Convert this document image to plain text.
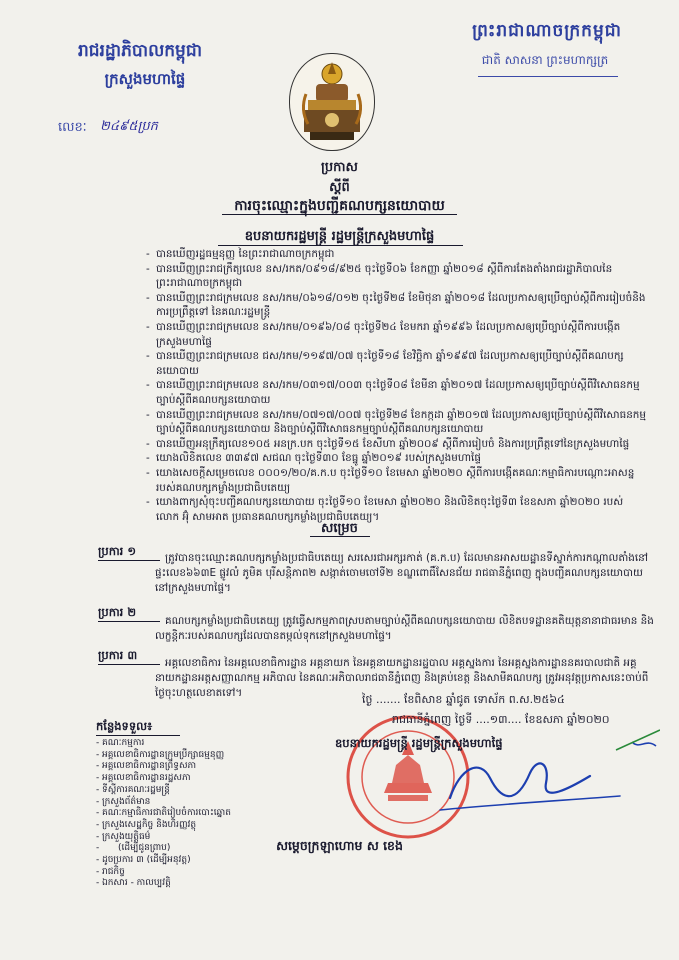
ព្រះរាជាណាចក្រកម្ពុជា
ជាតិ សាសនា ព្រះមហាក្សត្រ
រាជរដ្ឋាភិបាលកម្ពុជា
ក្រសួងមហាផ្ទៃ
លេខៈ ២៤៩៥ប្រក
ប្រកាស
ស្តីពី
ការចុះឈ្មោះក្នុងបញ្ជីគណបក្សនយោបាយ
ឧបនាយករដ្ឋមន្ត្រី រដ្ឋមន្ត្រីក្រសួងមហាផ្ទៃ
- បានឃើញរដ្ឋធម្មនុញ្ញ នៃព្រះរាជាណាចក្រកម្ពុជា
- បានឃើញព្រះរាជក្រឹត្យលេខ នស/រកត/០៩១៨/៩២៥ ចុះថ្ងៃទី០៦ ខែកញ្ញា ឆ្នាំ២០១៨ ស្តីពីការតែងតាំងរាជរដ្ឋាភិបាលនៃព្រះរាជាណាចក្រកម្ពុជា
- បានឃើញព្រះរាជក្រមលេខ នស/រកម/០៦១៨/០១២ ចុះថ្ងៃទី២៨ ខែមិថុនា ឆ្នាំ២០១៨ ដែលប្រកាសឲ្យប្រើច្បាប់ស្តីពីការរៀបចំនិងការប្រព្រឹត្តទៅ នៃគណៈរដ្ឋមន្ត្រី
- បានឃើញព្រះរាជក្រមលេខ នស/រកម/០១៩៦/០៨ ចុះថ្ងៃទី២៤ ខែមករា ឆ្នាំ១៩៩៦ ដែលប្រកាសឲ្យប្រើច្បាប់ស្តីពីការបង្កើតក្រសួងមហាផ្ទៃ
- បានឃើញព្រះរាជក្រមលេខ ជស/រកម/១១៩៧/០៧ ចុះថ្ងៃទី១៨ ខែវិច្ឆិកា ឆ្នាំ១៩៩៧ ដែលប្រកាសឲ្យប្រើច្បាប់ស្តីពីគណបក្សនយោបាយ
- បានឃើញព្រះរាជក្រមលេខ នស/រកម/០៣១៧/០០៣ ចុះថ្ងៃទី០៨ ខែមីនា ឆ្នាំ២០១៧ ដែលប្រកាសឲ្យប្រើច្បាប់ស្តីពីវិសោធនកម្មច្បាប់ស្តីពីគណបក្សនយោបាយ
- បានឃើញព្រះរាជក្រមលេខ នស/រកម/០៧១៧/០០៧ ចុះថ្ងៃទី២៨ ខែកក្កដា ឆ្នាំ២០១៧ ដែលប្រកាសឲ្យប្រើច្បាប់ស្តីពីវិសោធនកម្មច្បាប់ស្តីពីគណបក្សនយោបាយ និងច្បាប់ស្តីពីវិសោធនកម្មច្បាប់ស្តីពីគណបក្សនយោបាយ
- បានឃើញអនុក្រឹត្យលេខ១០៥ អនក្រ.បក ចុះថ្ងៃទី១៥ ខែសីហា ឆ្នាំ២០០៩ ស្តីពីការរៀបចំ និងការប្រព្រឹត្តទៅនៃក្រសួងមហាផ្ទៃ
- យោងលិខិតលេខ ៣៣៩៧ សជណ ចុះថ្ងៃទី៣០ ខែធ្នូ ឆ្នាំ២០១៩ របស់ក្រសួងមហាផ្ទៃ
- យោងសេចក្តីសម្រេចលេខ ០០០១/២០/គ.ក.ប ចុះថ្ងៃទី១០ ខែមេសា ឆ្នាំ២០២០ ស្តីពីការបង្កើតគណៈកម្មាធិការបណ្តោះអាសន្នរបស់គណបក្សកម្លាំងប្រជាធិបតេយ្យ
- យោងពាក្យសុំចុះបញ្ជីគណបក្សនយោបាយ ចុះថ្ងៃទី១០ ខែមេសា ឆ្នាំ២០២០ និងលិខិតចុះថ្ងៃទី៣ ខែឧសភា ឆ្នាំ២០២០ របស់លោក អ៊ុំ សាមអាត ប្រធានគណបក្សកម្លាំងប្រជាធិបតេយ្យ។
សម្រេច
ប្រការ ១	ត្រូវបានចុះឈ្មោះគណបក្សកម្លាំងប្រជាធិបតេយ្យ សរសេរជាអក្សរកាត់ (គ.ក.ប) ដែលមានអាសយដ្ឋានទីស្នាក់ការកណ្តាលតាំងនៅផ្ទះលេខ៦៦៣E ផ្លូវលំ ភូមិគ បុរីសន្តិភាព២ សង្កាត់ចោមចៅទី២ ខណ្ឌពោធិ៍សែនជ័យ រាជធានីភ្នំពេញ ក្នុងបញ្ជីគណបក្សនយោបាយនៅក្រសួងមហាផ្ទៃ។
ប្រការ ២
គណបក្សកម្លាំងប្រជាធិបតេយ្យ ត្រូវធ្វើសកម្មភាពស្របតាមច្បាប់ស្តីពីគណបក្សនយោបាយ លិខិតបទដ្ឋានគតិយុត្តនានាជាធរមាន និងលក្ខន្តិកៈរបស់គណបក្សដែលបានតម្កល់ទុកនៅក្រសួងមហាផ្ទៃ។
ប្រការ ៣
អគ្គលេខាធិការ នៃអគ្គលេខាធិការដ្ឋាន អគ្គនាយក នៃអគ្គនាយកដ្ឋានរដ្ឋបាល អគ្គស្នងការ នៃអគ្គស្នងការដ្ឋាននគរបាលជាតិ អគ្គនាយកដ្ឋានអត្តសញ្ញាណកម្ម អភិបាល នៃគណៈអភិបាលរាជធានីភ្នំពេញ និងគ្រប់ខេត្ត និងសាមីគណបក្ស ត្រូវអនុវត្តប្រកាសនេះចាប់ពីថ្ងៃចុះហត្ថលេខាតទៅ។
កន្លែងទទួល៖
- គណៈកម្មការ
- អគ្គលេខាធិការដ្ឋានក្រុមប្រឹក្សាធម្មនុញ្ញ
- អគ្គលេខាធិការដ្ឋានព្រឹទ្ធសភា
- អគ្គលេខាធិការដ្ឋានរដ្ឋសភា
- ទីស្តីការគណៈរដ្ឋមន្ត្រី
- ក្រសួងព័ត៌មាន
- គណៈកម្មាធិការជាតិរៀបចំការបោះឆ្នោត
- ក្រសួងសេដ្ឋកិច្ច និងហិរញ្ញវត្ថុ
- ក្រសួងយុត្តិធម៌
- (ដើម្បីជូនព្រាប)
- ដូចប្រការ ៣ (ដើម្បីអនុវត្ត)
- រាជកិច្ច
- ឯកសារ - កាលប្បវត្តិ
ថ្ងៃ ....... ខែពិសាខ ឆ្នាំជូត ទោស័ក ព.ស.២៥៦៤
រាជធានីភ្នំពេញ ថ្ងៃទី ....១៣.... ខែឧសភា ឆ្នាំ២០២០
ឧបនាយករដ្ឋមន្ត្រី រដ្ឋមន្ត្រីក្រសួងមហាផ្ទៃ
សម្តេចក្រឡាហោម ស ខេង
